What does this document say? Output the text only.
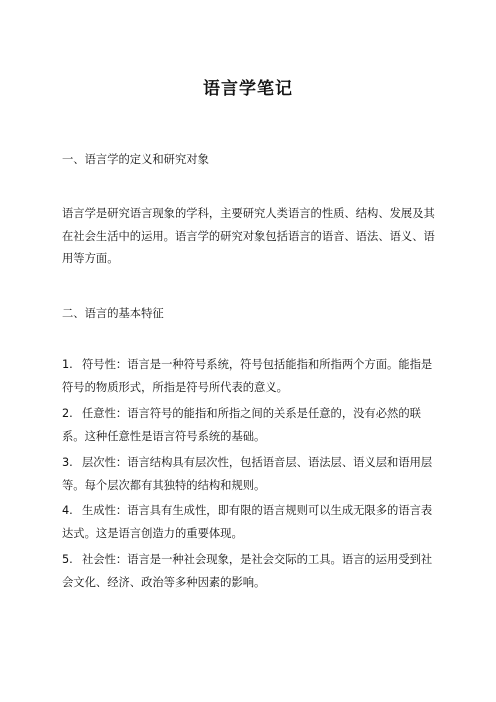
语言学笔记
一、语言学的定义和研究对象
语言学是研究语言现象的学科，主要研究人类语言的性质、结构、发展及其在社会生活中的运用。语言学的研究对象包括语言的语音、语法、语义、语用等方面。
二、语言的基本特征
1. 符号性：语言是一种符号系统，符号包括能指和所指两个方面。能指是符号的物质形式，所指是符号所代表的意义。
2. 任意性：语言符号的能指和所指之间的关系是任意的，没有必然的联系。这种任意性是语言符号系统的基础。
3. 层次性：语言结构具有层次性，包括语音层、语法层、语义层和语用层等。每个层次都有其独特的结构和规则。
4. 生成性：语言具有生成性，即有限的语言规则可以生成无限多的语言表达式。这是语言创造力的重要体现。
5. 社会性：语言是一种社会现象，是社会交际的工具。语言的运用受到社会文化、经济、政治等多种因素的影响。
